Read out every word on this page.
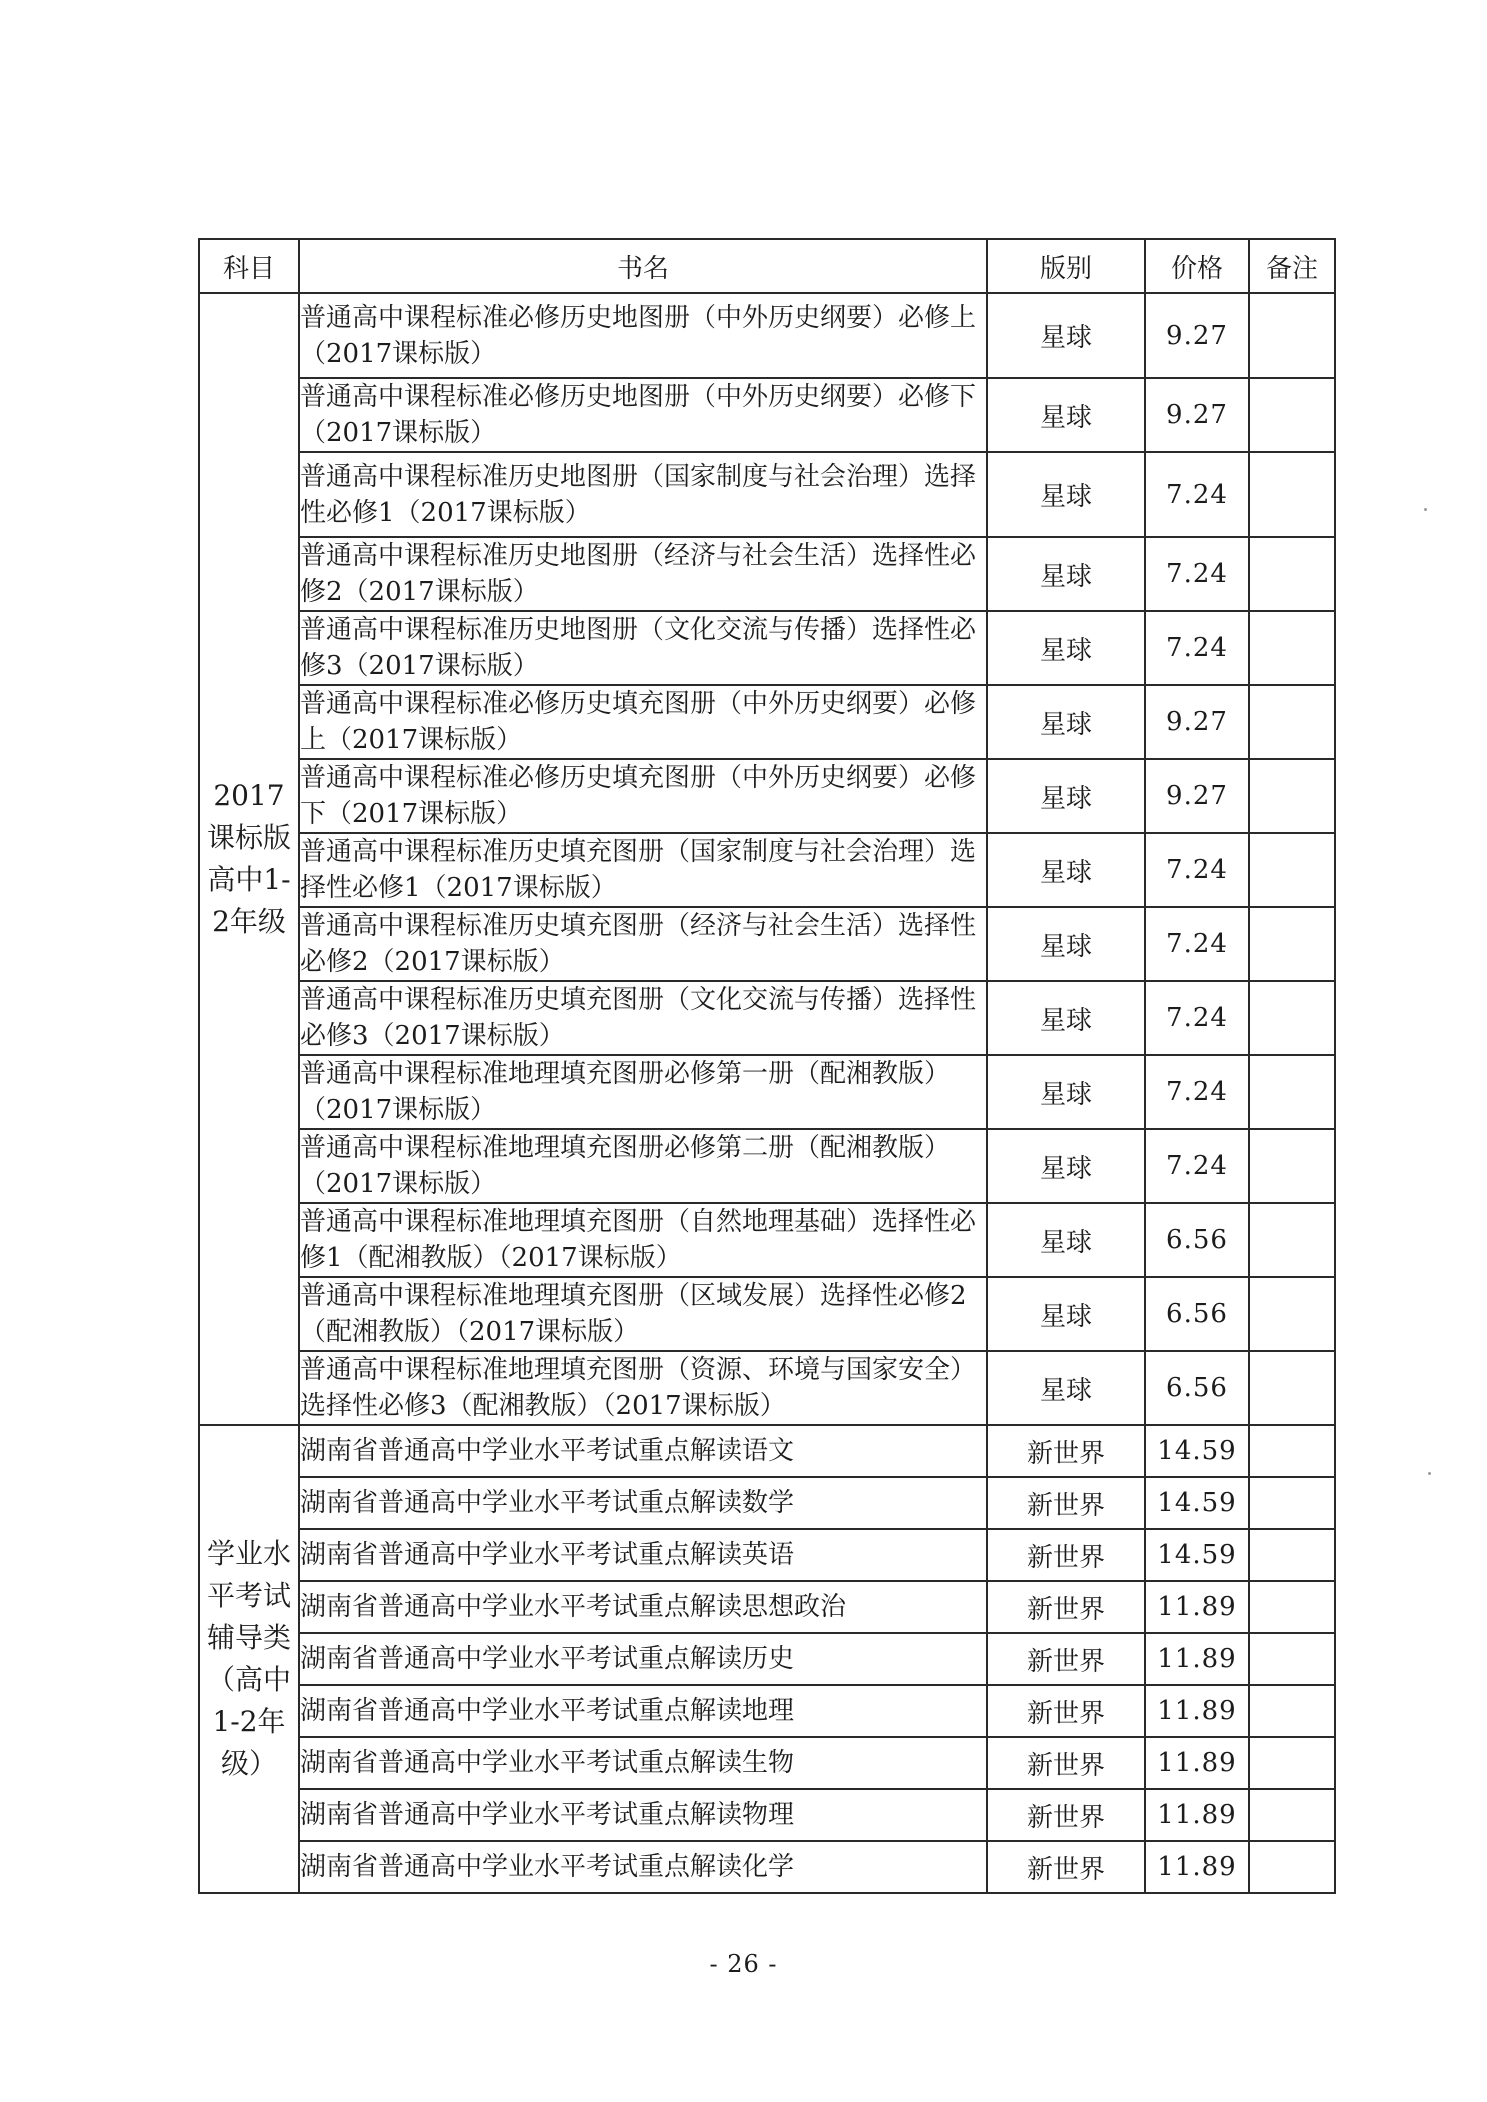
科目	书名	版别	价格	备注
2017课标版高中1-2年级	普通高中课程标准必修历史地图册（中外历史纲要）必修上（2017课标版）	星球	9.27	
	普通高中课程标准必修历史地图册（中外历史纲要）必修下（2017课标版）	星球	9.27	
	普通高中课程标准历史地图册（国家制度与社会治理）选择性必修1（2017课标版）	星球	7.24	
	普通高中课程标准历史地图册（经济与社会生活）选择性必修2（2017课标版）	星球	7.24	
	普通高中课程标准历史地图册（文化交流与传播）选择性必修3（2017课标版）	星球	7.24	
	普通高中课程标准必修历史填充图册（中外历史纲要）必修上（2017课标版）	星球	9.27	
	普通高中课程标准必修历史填充图册（中外历史纲要）必修下（2017课标版）	星球	9.27	
	普通高中课程标准历史填充图册（国家制度与社会治理）选择性必修1（2017课标版）	星球	7.24	
	普通高中课程标准历史填充图册（经济与社会生活）选择性必修2（2017课标版）	星球	7.24	
	普通高中课程标准历史填充图册（文化交流与传播）选择性必修3（2017课标版）	星球	7.24	
	普通高中课程标准地理填充图册必修第一册（配湘教版）（2017课标版）	星球	7.24	
	普通高中课程标准地理填充图册必修第二册（配湘教版）（2017课标版）	星球	7.24	
	普通高中课程标准地理填充图册（自然地理基础）选择性必修1（配湘教版）（2017课标版）	星球	6.56	
	普通高中课程标准地理填充图册（区域发展）选择性必修2（配湘教版）（2017课标版）	星球	6.56	
	普通高中课程标准地理填充图册（资源、环境与国家安全）选择性必修3（配湘教版）（2017课标版）	星球	6.56	
学业水平考试辅导类（高中1-2年级）	湖南省普通高中学业水平考试重点解读语文	新世界	14.59	
	湖南省普通高中学业水平考试重点解读数学	新世界	14.59	
	湖南省普通高中学业水平考试重点解读英语	新世界	14.59	
	湖南省普通高中学业水平考试重点解读思想政治	新世界	11.89	
	湖南省普通高中学业水平考试重点解读历史	新世界	11.89	
	湖南省普通高中学业水平考试重点解读地理	新世界	11.89	
	湖南省普通高中学业水平考试重点解读生物	新世界	11.89	
	湖南省普通高中学业水平考试重点解读物理	新世界	11.89	
	湖南省普通高中学业水平考试重点解读化学	新世界	11.89	
- 26 -
